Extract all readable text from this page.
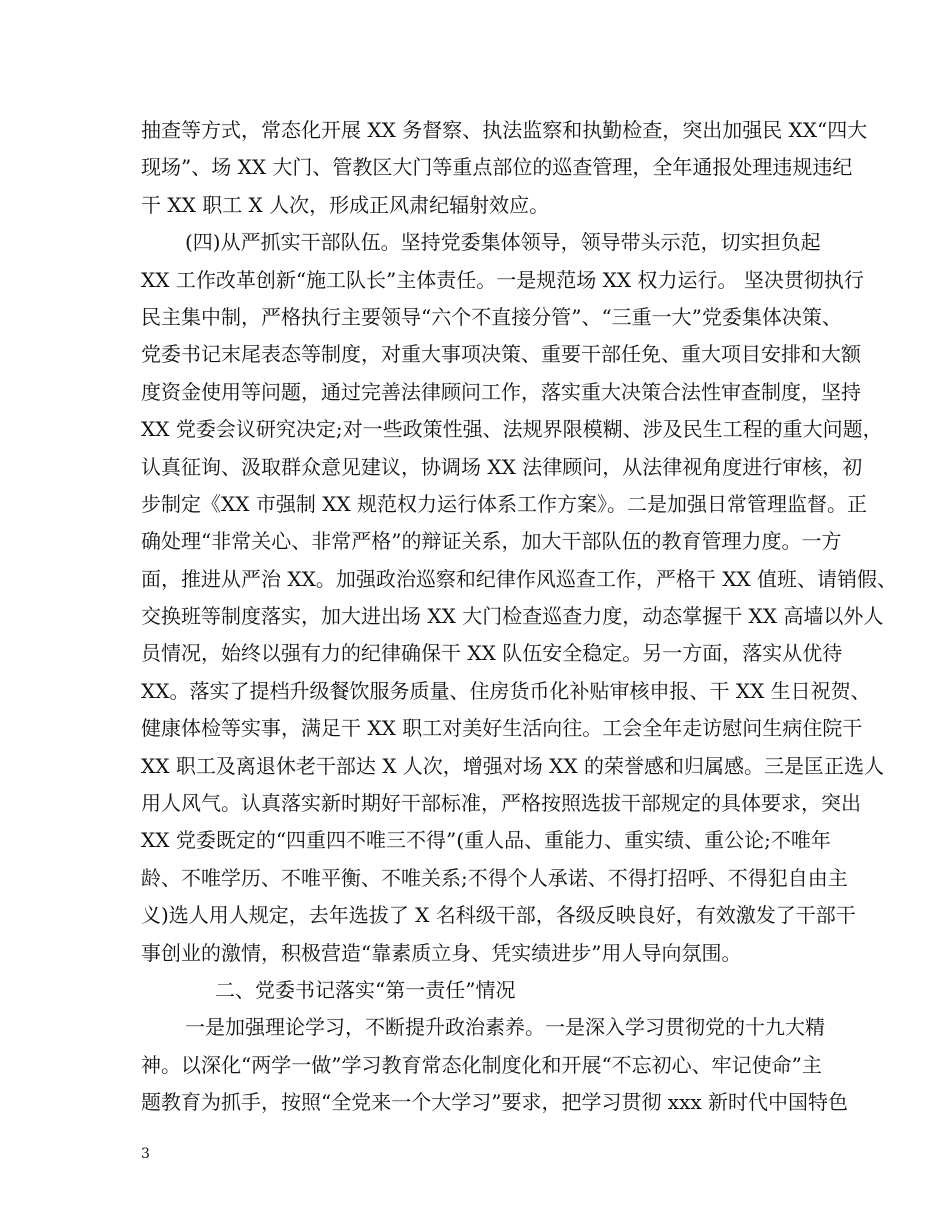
抽查等方式，常态化开展 XX 务督察、执法监察和执勤检查，突出加强民 XX“四大
现场”、场 XX 大门、管教区大门等重点部位的巡查管理，全年通报处理违规违纪
干 XX 职工 X 人次，形成正风肃纪辐射效应。
(四)从严抓实干部队伍。坚持党委集体领导，领导带头示范，切实担负起
XX 工作改革创新“施工队长”主体责任。一是规范场 XX 权力运行。 坚决贯彻执行
民主集中制，严格执行主要领导“六个不直接分管”、“三重一大”党委集体决策、
党委书记末尾表态等制度，对重大事项决策、重要干部任免、重大项目安排和大额
度资金使用等问题，通过完善法律顾问工作，落实重大决策合法性审查制度，坚持
XX 党委会议研究决定;对一些政策性强、法规界限模糊、涉及民生工程的重大问题，
认真征询、汲取群众意见建议，协调场 XX 法律顾问，从法律视角度进行审核，初
步制定《XX 市强制 XX 规范权力运行体系工作方案》。二是加强日常管理监督。正
确处理“非常关心、非常严格”的辩证关系，加大干部队伍的教育管理力度。一方
面，推进从严治 XX。加强政治巡察和纪律作风巡查工作，严格干 XX 值班、请销假、
交换班等制度落实，加大进出场 XX 大门检查巡查力度，动态掌握干 XX 高墙以外人
员情况，始终以强有力的纪律确保干 XX 队伍安全稳定。另一方面，落实从优待
XX。落实了提档升级餐饮服务质量、住房货币化补贴审核申报、干 XX 生日祝贺、
健康体检等实事，满足干 XX 职工对美好生活向往。工会全年走访慰问生病住院干
XX 职工及离退休老干部达 X 人次，增强对场 XX 的荣誉感和归属感。三是匡正选人
用人风气。认真落实新时期好干部标准，严格按照选拔干部规定的具体要求，突出
XX 党委既定的“四重四不唯三不得”(重人品、重能力、重实绩、重公论;不唯年
龄、不唯学历、不唯平衡、不唯关系;不得个人承诺、不得打招呼、不得犯自由主
义)选人用人规定，去年选拔了 X 名科级干部，各级反映良好，有效激发了干部干
事创业的激情，积极营造“靠素质立身、凭实绩进步”用人导向氛围。
二、党委书记落实“第一责任”情况
一是加强理论学习，不断提升政治素养。一是深入学习贯彻党的十九大精
神。以深化“两学一做”学习教育常态化制度化和开展“不忘初心、牢记使命”主
题教育为抓手，按照“全党来一个大学习”要求，把学习贯彻 xxx 新时代中国特色
3
